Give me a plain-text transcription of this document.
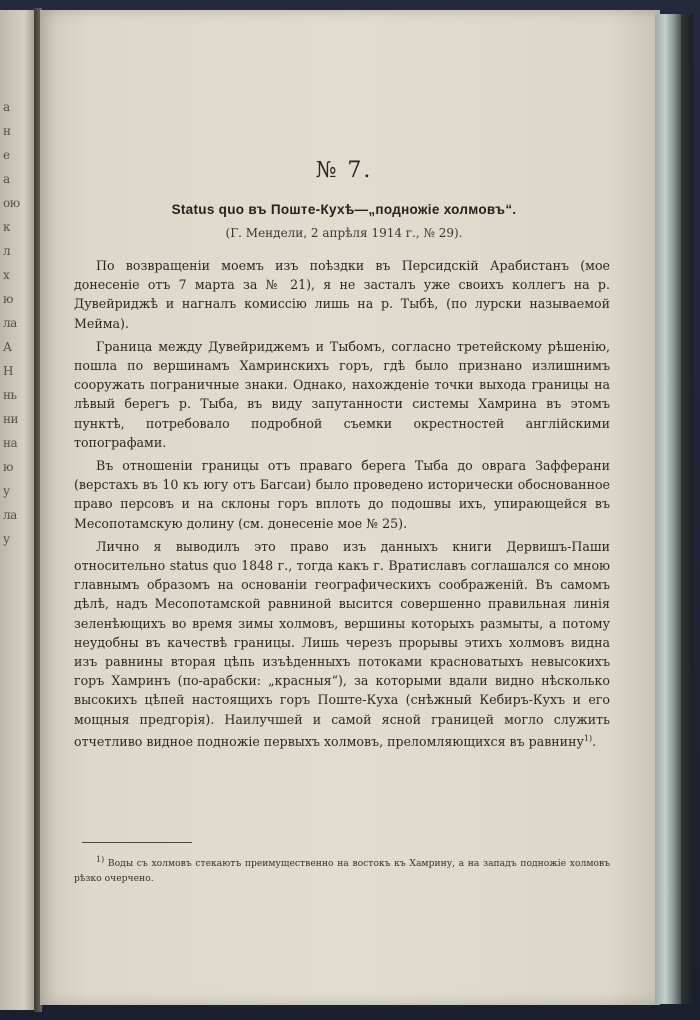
а
н
е
а
ою
к
л
х
ю
ла
А
Н
нь
ни
на
ю
у
ла
у
№ 7.
Status quo въ Поште-Кухѣ—„подножіе холмовъ“.
(Г. Мендели, 2 апрѣля 1914 г., № 29).

По возвращеніи моемъ изъ поѣздки въ Персидскій Арабистанъ (мое донесеніе отъ 7 марта за № 21), я не засталъ уже своихъ коллегъ на р. Дувейриджѣ и нагналъ комиссію лишь на р. Тыбѣ, (по лурски называемой Мейма).

Граница между Дувейриджемъ и Тыбомъ, согласно третейскому рѣшенію, пошла по вершинамъ Хамринскихъ горъ, гдѣ было признано излишнимъ сооружать пограничные знаки. Однако, нахожденіе точки выхода границы на лѣвый берегъ р. Тыба, въ виду запутанности системы Хамрина въ этомъ пунктѣ, потребовало подробной съемки окрестностей англійскими топографами.

Въ отношеніи границы отъ праваго берега Тыба до оврага Зафферани (верстахъ въ 10 къ югу отъ Багсаи) было проведено исторически обоснованное право персовъ и на склоны горъ вплоть до подошвы ихъ, упирающейся въ Месопотамскую долину (см. донесеніе мое № 25).

Лично я выводилъ это право изъ данныхъ книги Дервишъ-Паши относительно status quo 1848 г., тогда какъ г. Вратиславъ соглашался со мною главнымъ образомъ на основаніи географическихъ соображеній. Въ самомъ дѣлѣ, надъ Месопотамской равниной высится совершенно правильная линія зеленѣющихъ во время зимы холмовъ, вершины которыхъ размыты, а потому неудобны въ качествѣ границы. Лишь черезъ прорывы этихъ холмовъ видна изъ равнины вторая цѣпь изъѣденныхъ потоками красноватыхъ невысокихъ горъ Хамринъ (по-арабски: „красныя“), за которыми вдали видно нѣсколько высокихъ цѣпей настоящихъ горъ Поште-Куха (снѣжный Кебиръ-Кухъ и его мощныя предгорія). Наилучшей и самой ясной границей могло служить отчетливо видное подножіе первыхъ холмовъ, преломляющихся въ равнину$^{1)}$.

$^{1)}$ Воды съ холмовъ стекаютъ преимущественно на востокъ къ Хамрину, а на западъ подножіе холмовъ рѣзко очерчено.
